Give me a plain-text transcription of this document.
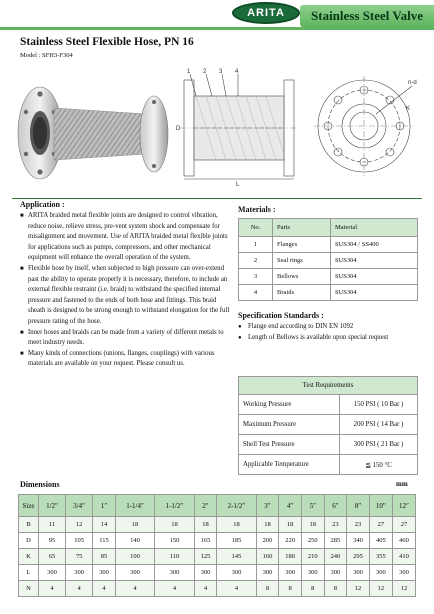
ARITA	Stainless Steel Valve
Stainless Steel Flexible Hose, PN 16
Model : SFH3-F304
1 2 3 4
D
L
K
n-d
Application :

■ ARITA braided metal flexible joints are designed to control vibration, reduce noise, relieve stress, pre-vent system shock and compensate for misalignment and movement. Use of ARITA braided metal flexible joints for applications such as pumps, compressors, and other mechanical equipment will enhance the overall operation of the system.

■ Flexible hose by itself, when subjected to high pressure can over-extend past the ability to operate properly it is necessary, therefore, to include an external flexible restraint (i.e. braid) to withstand the specified internal pressure and fastened to the ends of both hose and fittings. This braid sheath is designed to be strong enough to withstand elongation for the full pressure rating of the hose.

■ Inner hoses and braids can be made from a variety of different metals to meet industry needs.

■ Many kinds of connections (unions, flanges, couplings) with various materials are available on your request. Please consult us.

Materials :
No.	Parts	Material
1	Flanges	SUS304 / SS400
2	Seal rings	SUS304
3	Bellows	SUS304
4	Braids	SUS304
Specification Standards :

● Flange end according to DIN EN 1092

● Length of Bellows is available upon special request

Test Requirements	
Working Pressure	150 PSI ( 10 Bar )
Maximum Pressure	200 PSI ( 14 Bar )
Shell Test Pressure	300 PSI ( 21 Bar )
Applicable Temperature	≦ 150 °C
Dimensions	mm
Size	1/2″	3/4″	1″	1-1/4″	1-1/2″	2″	2-1/2″	3″	4″	5″	6″	8″	10″	12″
B	11	12	14	18	18	18	18	18	18	18	23	23	27	27
D	95	105	115	140	150	165	185	200	220	250	285	340	405	460
K	65	75	85	100	110	125	145	160	180	210	240	295	355	410
L	300	300	300	300	300	300	300	300	300	300	300	300	300	300
N	4	4	4	4	4	4	4	8	8	8	8	12	12	12
